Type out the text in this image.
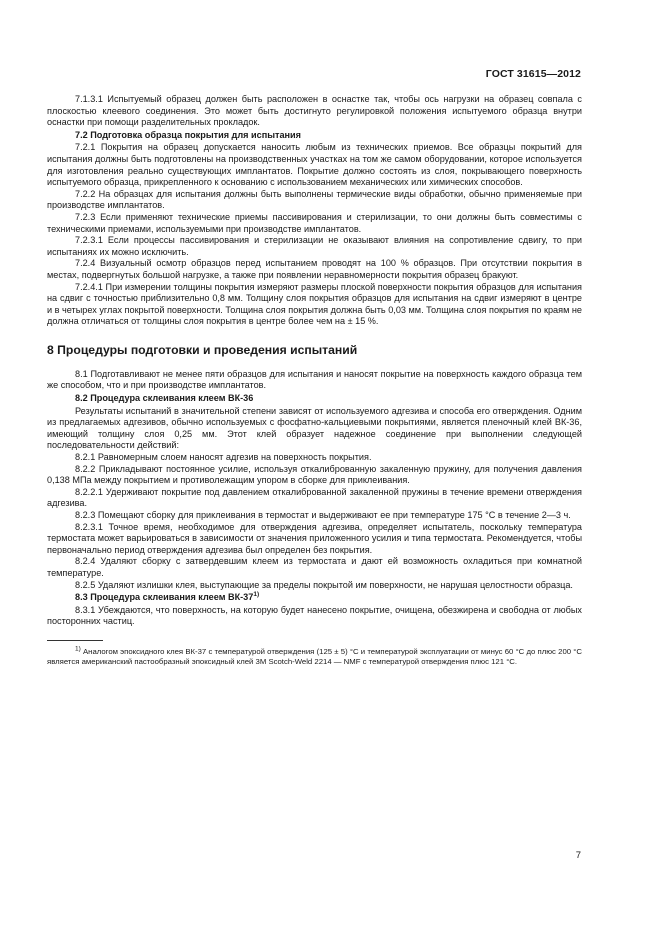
ГОСТ 31615—2012

7.1.3.1 Испытуемый образец должен быть расположен в оснастке так, чтобы ось нагрузки на образец совпала с плоскостью клеевого соединения. Это может быть достигнуто регулировкой положения испытуемого образца внутри оснастки при помощи разделительных прокладок.

7.2 Подготовка образца покрытия для испытания

7.2.1 Покрытия на образец допускается наносить любым из технических приемов. Все образцы покрытий для испытания должны быть подготовлены на производственных участках на том же самом оборудовании, которое используется для изготовления реально существующих имплантатов. Покрытие должно состоять из слоя, покрывающего поверхность испытуемого образца, прикрепленного к основанию с использованием механических или химических способов.

7.2.2 На образцах для испытания должны быть выполнены термические виды обработки, обычно применяемые при производстве имплантатов.

7.2.3 Если применяют технические приемы пассивирования и стерилизации, то они должны быть совместимы с техническими приемами, используемыми при производстве имплантатов.

7.2.3.1 Если процессы пассивирования и стерилизации не оказывают влияния на сопротивление сдвигу, то при испытаниях их можно исключить.

7.2.4 Визуальный осмотр образцов перед испытанием проводят на 100 % образцов. При отсутствии покрытия в местах, подвергнутых большой нагрузке, а также при появлении неравномерности покрытия образец бракуют.

7.2.4.1 При измерении толщины покрытия измеряют размеры плоской поверхности покрытия образцов для испытания на сдвиг с точностью приблизительно 0,8 мм. Толщину слоя покрытия образцов для испытания на сдвиг измеряют в центре и в четырех углах покрытой поверхности. Толщина слоя покрытия должна быть 0,03 мм. Толщина слоя покрытия по краям не должна отличаться от толщины слоя покрытия в центре более чем на ± 15 %.

8 Процедуры подготовки и проведения испытаний

8.1 Подготавливают не менее пяти образцов для испытания и наносят покрытие на поверхность каждого образца тем же способом, что и при производстве имплантатов.

8.2 Процедура склеивания клеем ВК-36

Результаты испытаний в значительной степени зависят от используемого адгезива и способа его отверждения. Одним из предлагаемых адгезивов, обычно используемых с фосфатно-кальциевыми покрытиями, является пленочный клей ВК-36, имеющий толщину слоя 0,25 мм. Этот клей образует надежное соединение при выполнении следующей последовательности действий:

8.2.1 Равномерным слоем наносят адгезив на поверхность покрытия.

8.2.2 Прикладывают постоянное усилие, используя откалиброванную закаленную пружину, для получения давления 0,138 МПа между покрытием и противолежащим упором в сборке для приклеивания.

8.2.2.1 Удерживают покрытие под давлением откалиброванной закаленной пружины в течение времени отверждения адгезива.

8.2.3 Помещают сборку для приклеивания в термостат и выдерживают ее при температуре 175 °С в течение 2—3 ч.

8.2.3.1 Точное время, необходимое для отверждения адгезива, определяет испытатель, поскольку температура термостата может варьироваться в зависимости от значения приложенного усилия и типа термостата. Рекомендуется, чтобы первоначально период отверждения адгезива был определен без покрытия.

8.2.4 Удаляют сборку с затвердевшим клеем из термостата и дают ей возможность охладиться при комнатной температуре.

8.2.5 Удаляют излишки клея, выступающие за пределы покрытой им поверхности, не нарушая целостности образца.

8.3 Процедура склеивания клеем ВК-37$^{1)}$

8.3.1 Убеждаются, что поверхность, на которую будет нанесено покрытие, очищена, обезжирена и свободна от любых посторонних частиц.

$^{1)}$ Аналогом эпоксидного клея ВК-37 с температурой отверждения (125 ± 5) °С и температурой эксплуатации от минус 60 °С до плюс 200 °С является американский пастообразный эпоксидный клей 3М Scotch-Weld 2214 — NMF с температурой отверждения плюс 121 °С.

7
